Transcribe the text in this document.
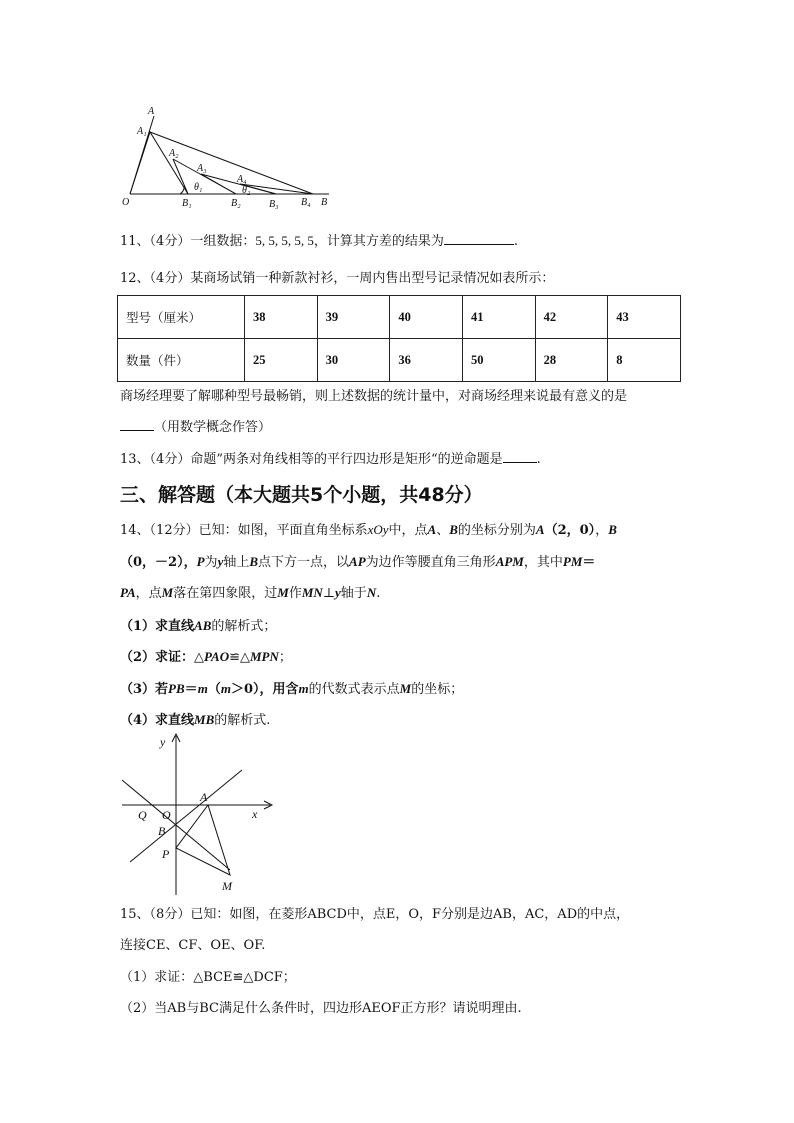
A
A₁
A₂
A₃
A₄
θ₁	θ₂
O	B₁	B₂	B₃ B₄ B
11、（4分）一组数据：5, 5, 5, 5, 5，计算其方差的结果为	.
12、（4分）某商场试销一种新款衬衫，一周内售出型号记录情况如表所示：
型号（厘米）	38	39	40	41	42	43
数量（件）	25	30	36	50	28	8
商场经理要了解哪种型号最畅销，则上述数据的统计量中，对商场经理来说最有意义的是
（用数学概念作答）
13、（4分）命题”两条对角线相等的平行四边形是矩形“的逆命题是	.
三、解答题（本大题共5个小题，共48分）
14、（12分）已知：如图，平面直角坐标系xOy中，点A、B的坐标分别为A（2，0），B
（0，－2），P为y轴上B点下方一点，以AP为边作等腰直角三角形APM，其中PM＝
PA，点M落在第四象限，过M作MN⊥y轴于N.
（1）求直线AB的解析式；
（2）求证：△PAO≌△MPN；
（3）若PB＝m（m＞0），用含m的代数式表示点M的坐标；
（4）求直线MB的解析式.
y
x
Q O
A
B
P
M
15、（8分）已知：如图，在菱形ABCD中，点E，O，F分别是边AB，AC，AD的中点，
连接CE、CF、OE、OF.
（1）求证：△BCE≌△DCF；
（2）当AB与BC满足什么条件时，四边形AEOF正方形？请说明理由.
